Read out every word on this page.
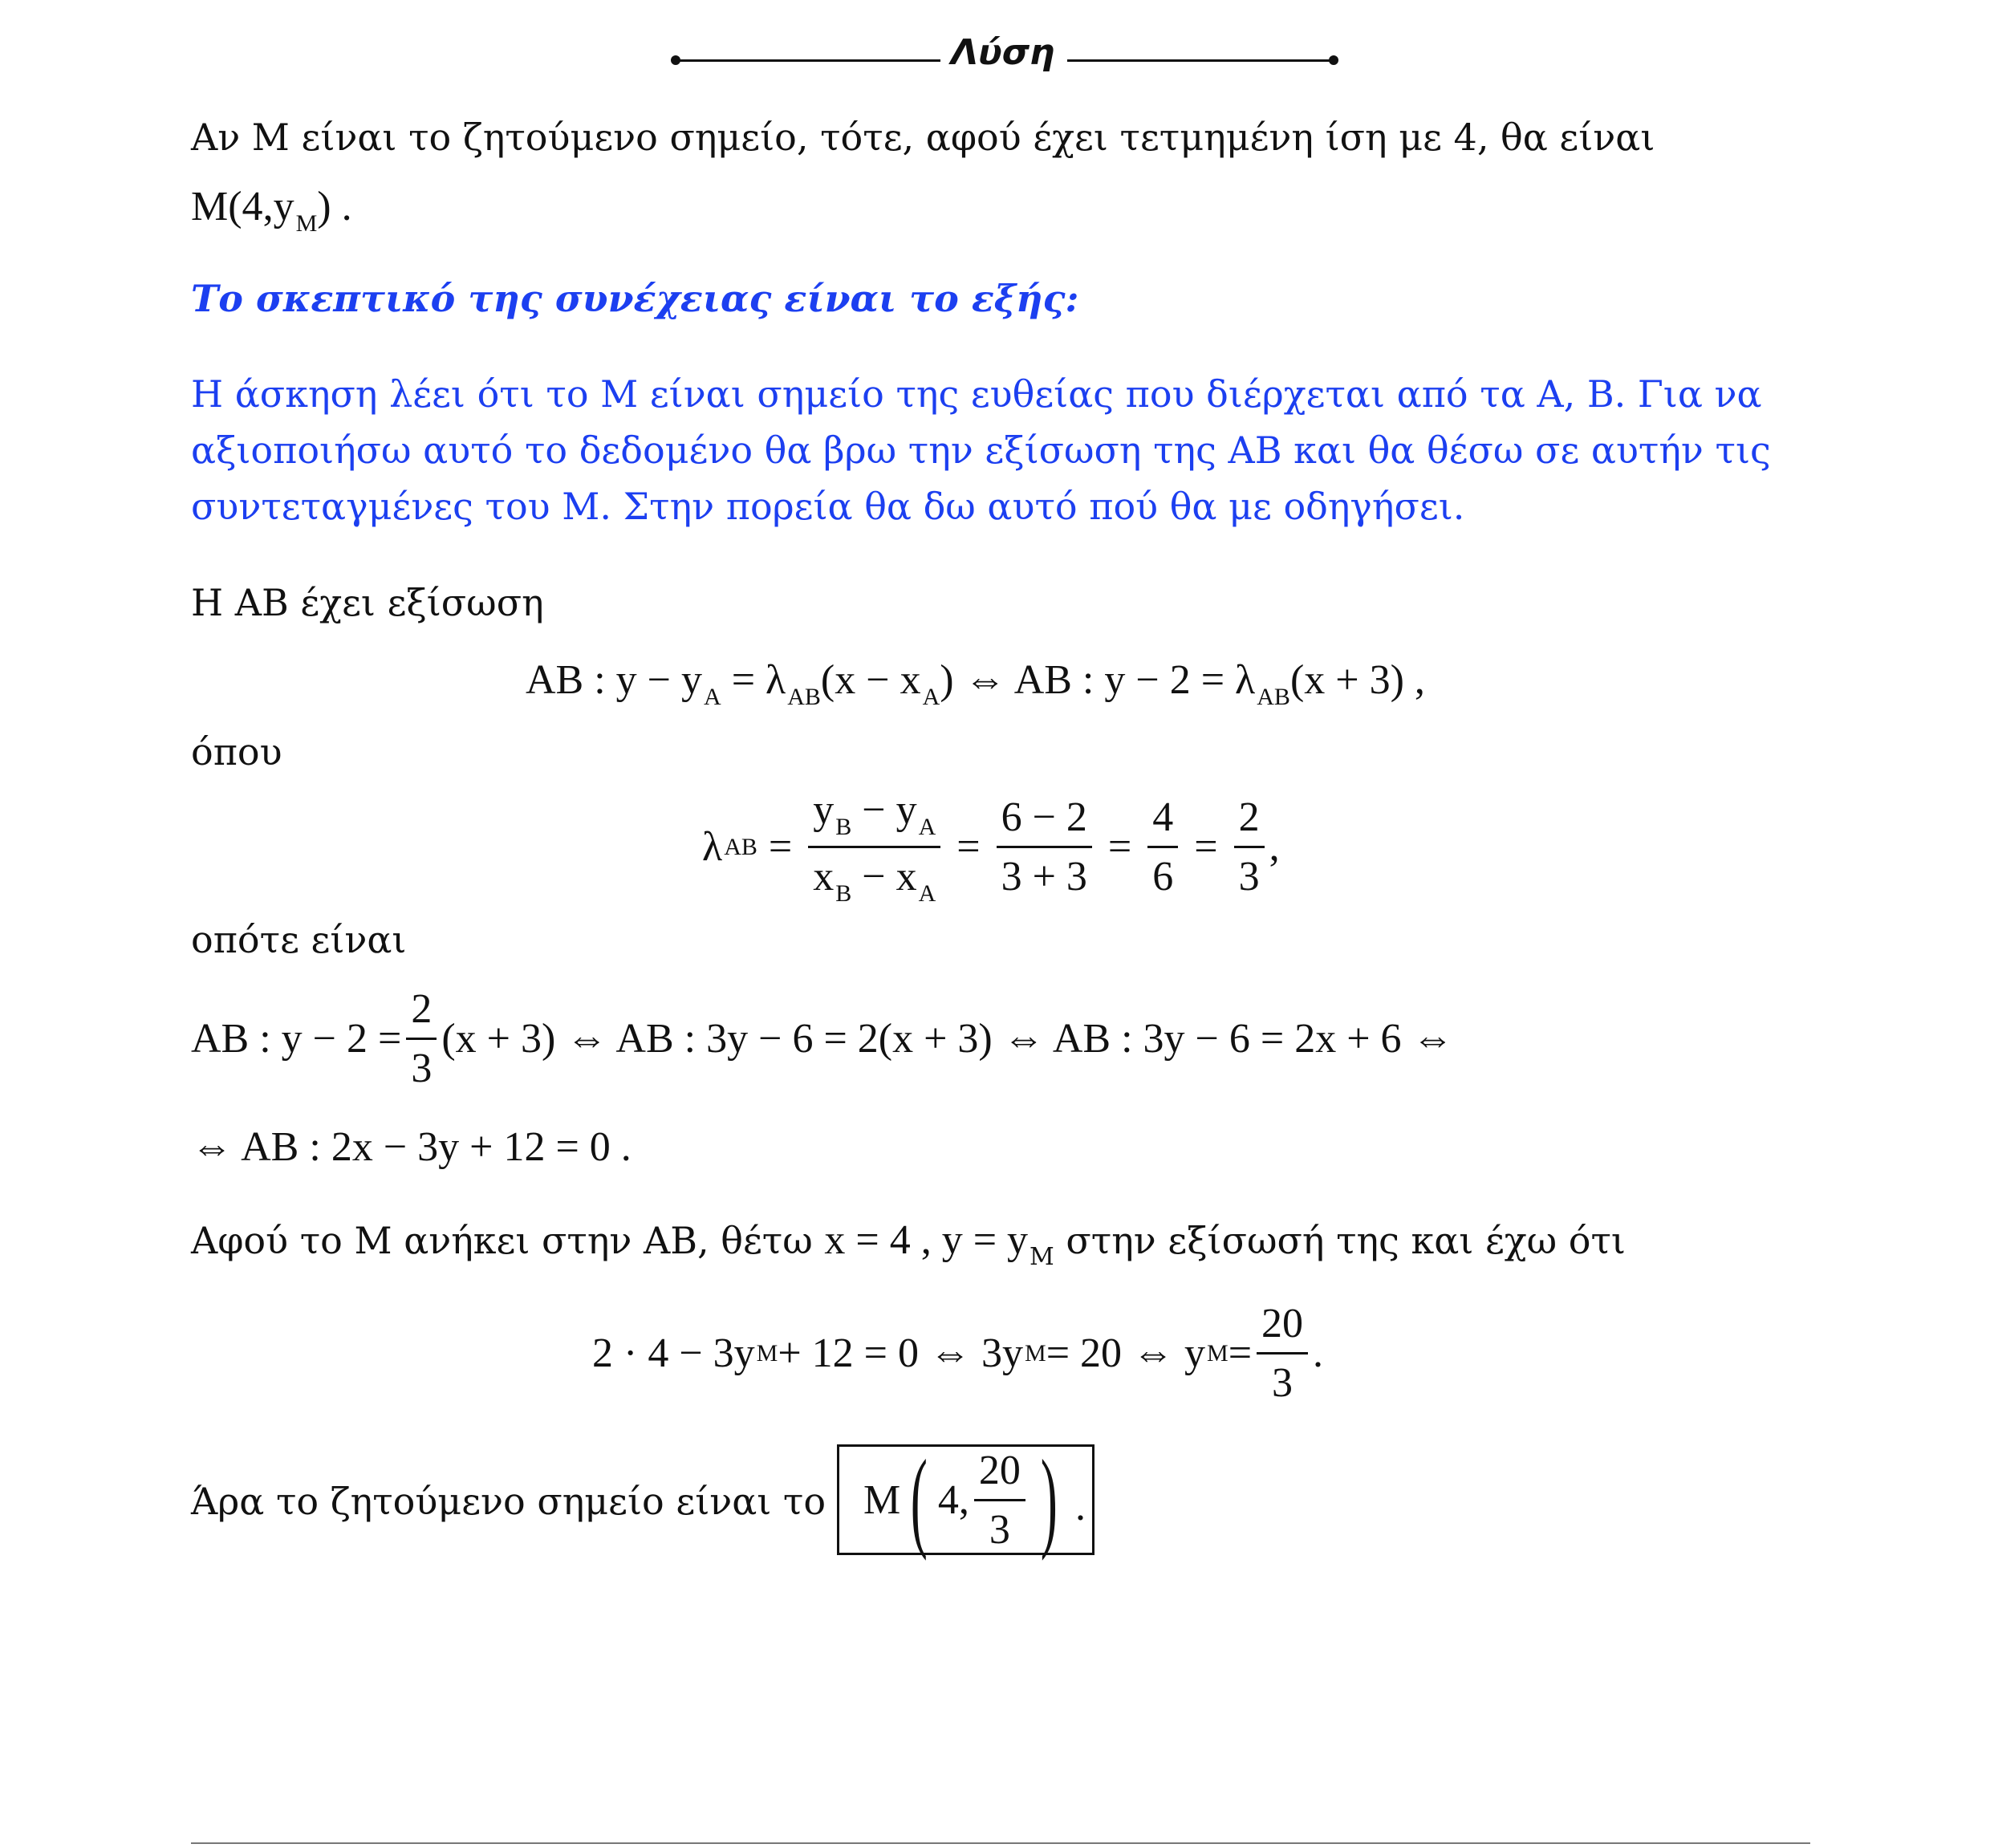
Λύση
Αν Μ είναι το ζητούμενο σημείο, τότε, αφού έχει τετμημένη ίση με 4, θα είναι
$M(4,y_M)$ .
Το σκεπτικό της συνέχειας είναι το εξής:
Η άσκηση λέει ότι το Μ είναι σημείο της ευθείας που διέρχεται από τα Α, Β. Για να
αξιοποιήσω αυτό το δεδομένο θα βρω την εξίσωση της ΑΒ και θα θέσω σε αυτήν τις
συντεταγμένες του Μ. Στην πορεία θα δω αυτό πού θα με οδηγήσει.
Η ΑΒ έχει εξίσωση
AB : $y - y_A = \lambda_{AB}(x - x_A)$ ⇔ AB : $y - 2 = \lambda_{AB}(x + 3)$ ,
όπου
λ AB = $\frac{y_B - y_A}{x_B - x_A} = \frac{6 - 2}{3 + 3} = \frac{4}{6} = \frac{2}{3}$ ,
οπότε είναι
AB : $y - 2 = \frac{2}{3} (x + 3)$ ⇔ AB : 3y − 6 = 2(x + 3) ⇔ AB : 3y − 6 = 2x + 6 ⇔
⇔ AB : 2x − 3y + 12 = 0 .
Αφού το Μ ανήκει στην ΑΒ, θέτω x = 4 , $y = y_M$ στην εξίσωσή της και έχω ότι
2 · 4 − 3y M + 12 = 0 ⇔ 3y M = 20 ⇔ y $M = \frac{20}{3}$ .
Άρα το ζητούμενο σημείο είναι το M ( 4, $\frac{20}{3}$ ) .
